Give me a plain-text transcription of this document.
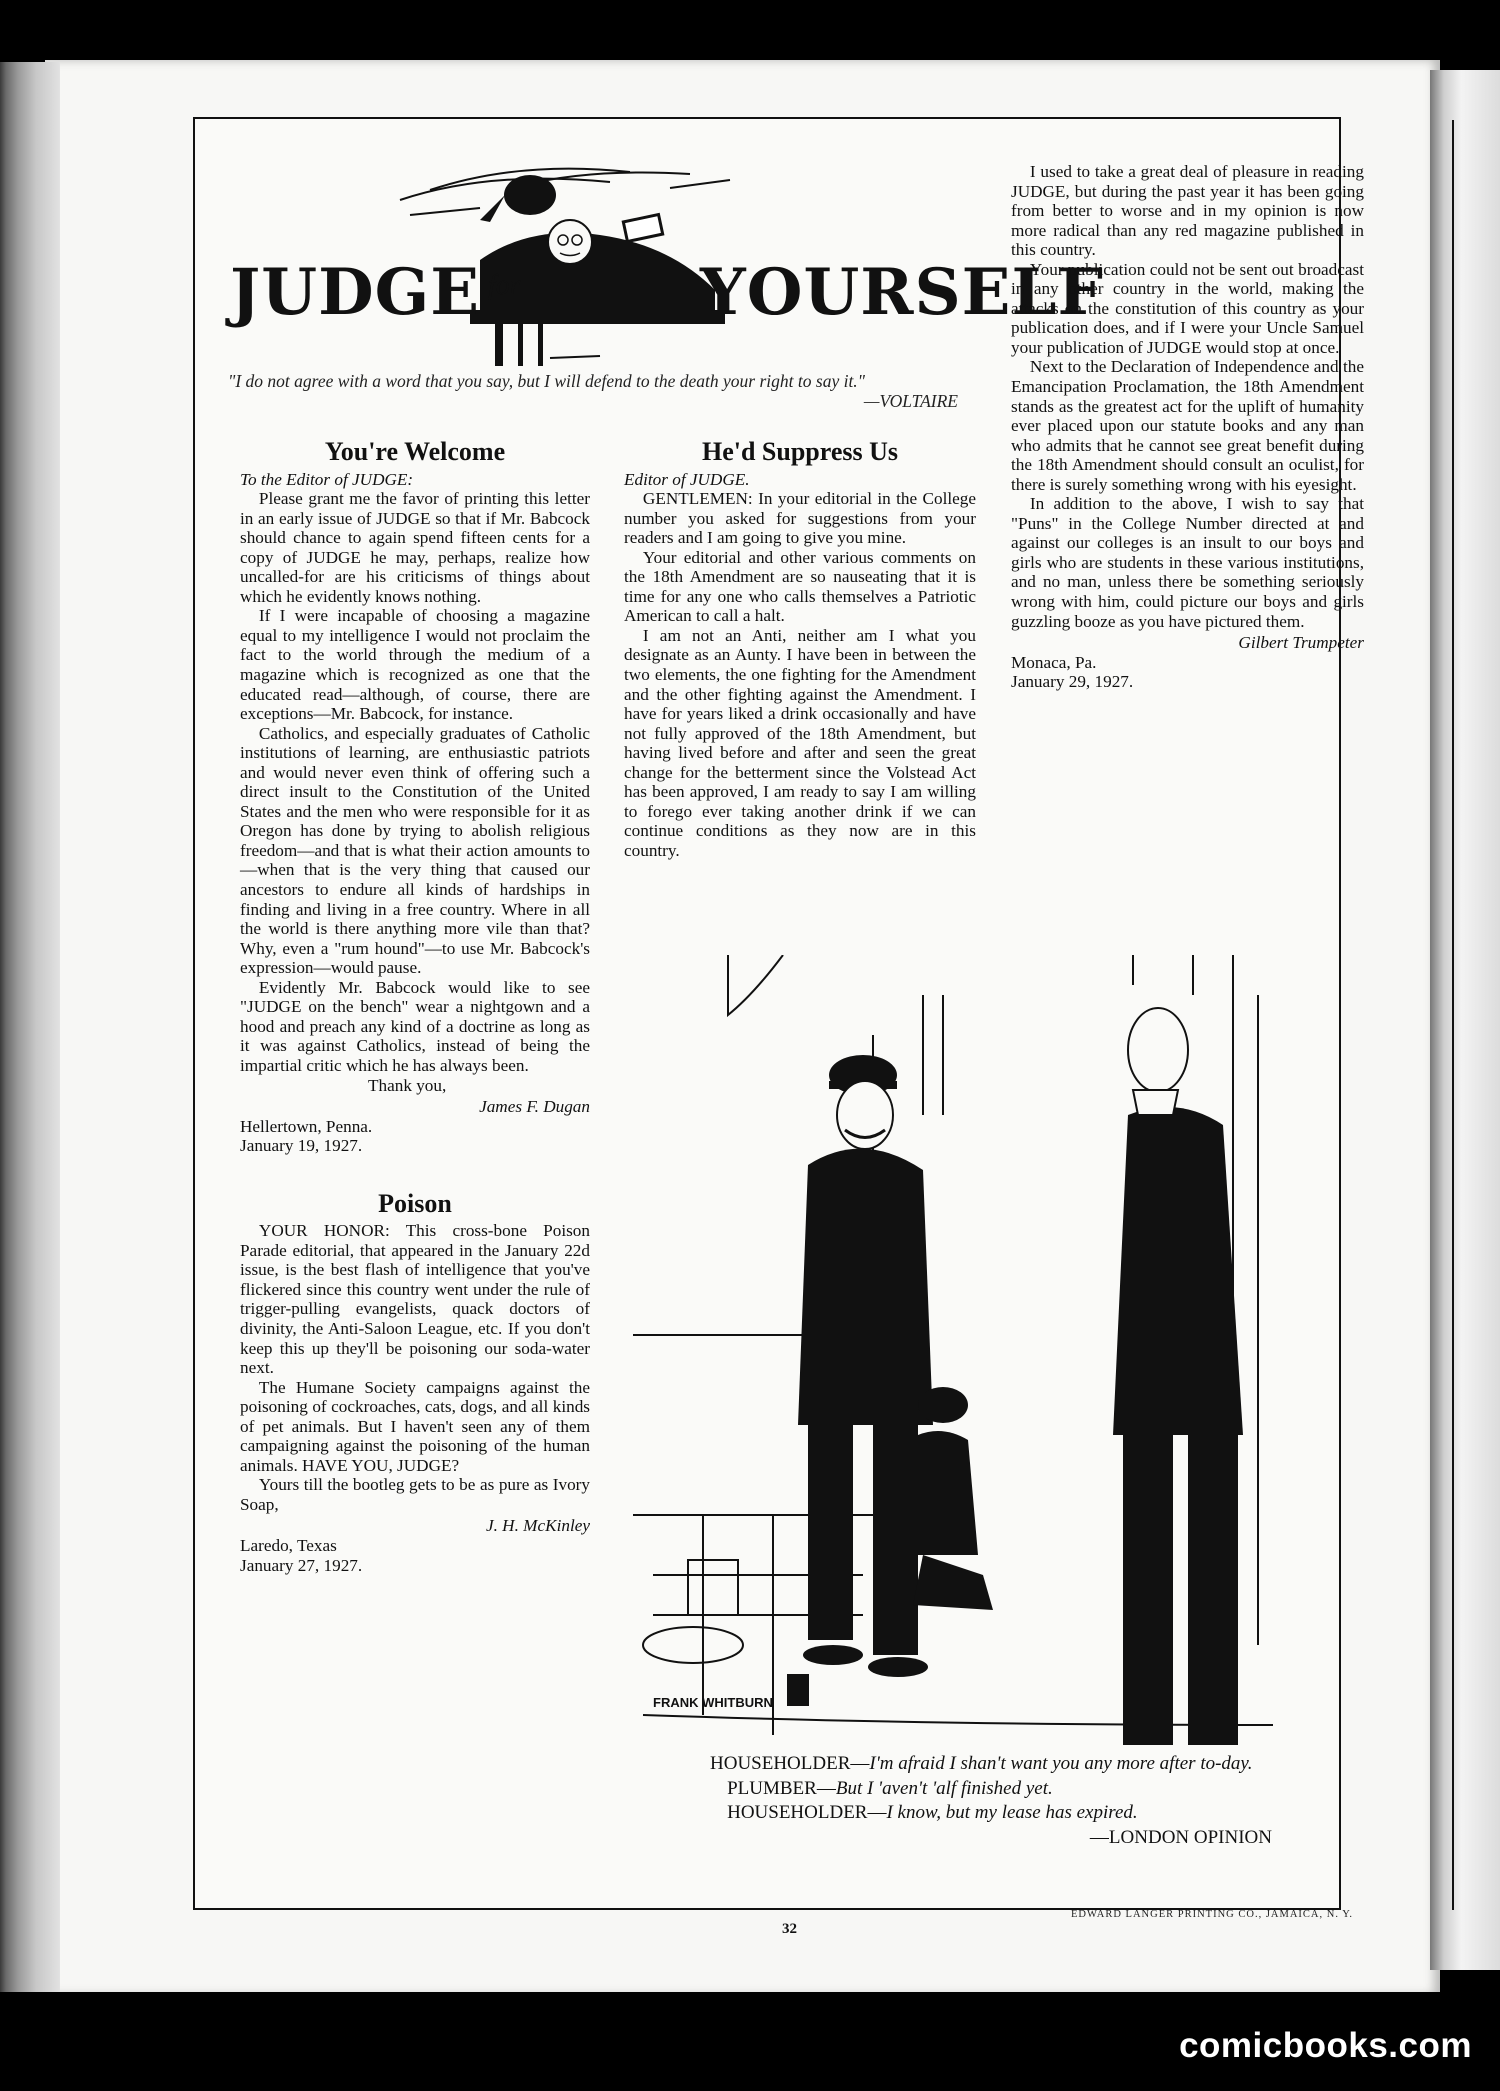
JUDGE for	YOURSELF
"I do not agree with a word that you say, but I will defend to the death your right to say it."
—VOLTAIRE
You're Welcome

To the Editor of JUDGE:

Please grant me the favor of printing this letter in an early issue of JUDGE so that if Mr. Babcock should chance to again spend fifteen cents for a copy of JUDGE he may, perhaps, realize how uncalled-for are his criticisms of things about which he evidently knows nothing.

If I were incapable of choosing a magazine equal to my intelligence I would not proclaim the fact to the world through the medium of a magazine which is recognized as one that the educated read—although, of course, there are exceptions—Mr. Babcock, for instance.

Catholics, and especially graduates of Catholic institutions of learning, are enthusiastic patriots and would never even think of offering such a direct insult to the Constitution of the United States and the men who were responsible for it as Oregon has done by trying to abolish religious freedom—and that is what their action amounts to—when that is the very thing that caused our ancestors to endure all kinds of hardships in finding and living in a free country. Where in all the world is there anything more vile than that? Why, even a "rum hound"—to use Mr. Babcock's expression—would pause.

Evidently Mr. Babcock would like to see "JUDGE on the bench" wear a nightgown and a hood and preach any kind of a doctrine as long as it was against Catholics, instead of being the impartial critic which he has always been.

Thank you,

James F. Dugan

Hellertown, Penna.

January 19, 1927.

Poison

YOUR HONOR: This cross-bone Poison Parade editorial, that appeared in the January 22d issue, is the best flash of intelligence that you've flickered since this country went under the rule of trigger-pulling evangelists, quack doctors of divinity, the Anti-Saloon League, etc. If you don't keep this up they'll be poisoning our soda-water next.

The Humane Society campaigns against the poisoning of cockroaches, cats, dogs, and all kinds of pet animals. But I haven't seen any of them campaigning against the poisoning of the human animals. HAVE YOU, JUDGE?

Yours till the bootleg gets to be as pure as Ivory Soap,

J. H. McKinley

Laredo, Texas

January 27, 1927.

He'd Suppress Us

Editor of JUDGE.

GENTLEMEN: In your editorial in the College number you asked for suggestions from your readers and I am going to give you mine.

Your editorial and other various comments on the 18th Amendment are so nauseating that it is time for any one who calls themselves a Patriotic American to call a halt.

I am not an Anti, neither am I what you designate as an Aunty. I have been in between the two elements, the one fighting for the Amendment and the other fighting against the Amendment. I have for years liked a drink occasionally and have not fully approved of the 18th Amendment, but having lived before and after and seen the great change for the betterment since the Volstead Act has been approved, I am ready to say I am willing to forego ever taking another drink if we can continue conditions as they now are in this country.

I used to take a great deal of pleasure in reading JUDGE, but during the past year it has been going from better to worse and in my opinion is now more radical than any red magazine published in this country.

Your publication could not be sent out broadcast in any other country in the world, making the attacks on the constitution of this country as your publication does, and if I were your Uncle Samuel your publication of JUDGE would stop at once.

Next to the Declaration of Independence and the Emancipation Proclamation, the 18th Amendment stands as the greatest act for the uplift of humanity ever placed upon our statute books and any man who admits that he cannot see great benefit during the 18th Amendment should consult an oculist, for there is surely something wrong with his eyesight.

In addition to the above, I wish to say that "Puns" in the College Number directed at and against our colleges is an insult to our boys and girls who are students in these various institutions, and no man, unless there be something seriously wrong with him, could picture our boys and girls guzzling booze as you have pictured them.

Gilbert Trumpeter

Monaca, Pa.

January 29, 1927.

FRANK WHITBURN
HOUSEHOLDER—I'm afraid I shan't want you any more after to-day.
PLUMBER—But I 'aven't 'alf finished yet.
HOUSEHOLDER—I know, but my lease has expired.
—LONDON OPINION
EDWARD LANGER PRINTING CO., JAMAICA, N. Y.
32
comicbooks.com
